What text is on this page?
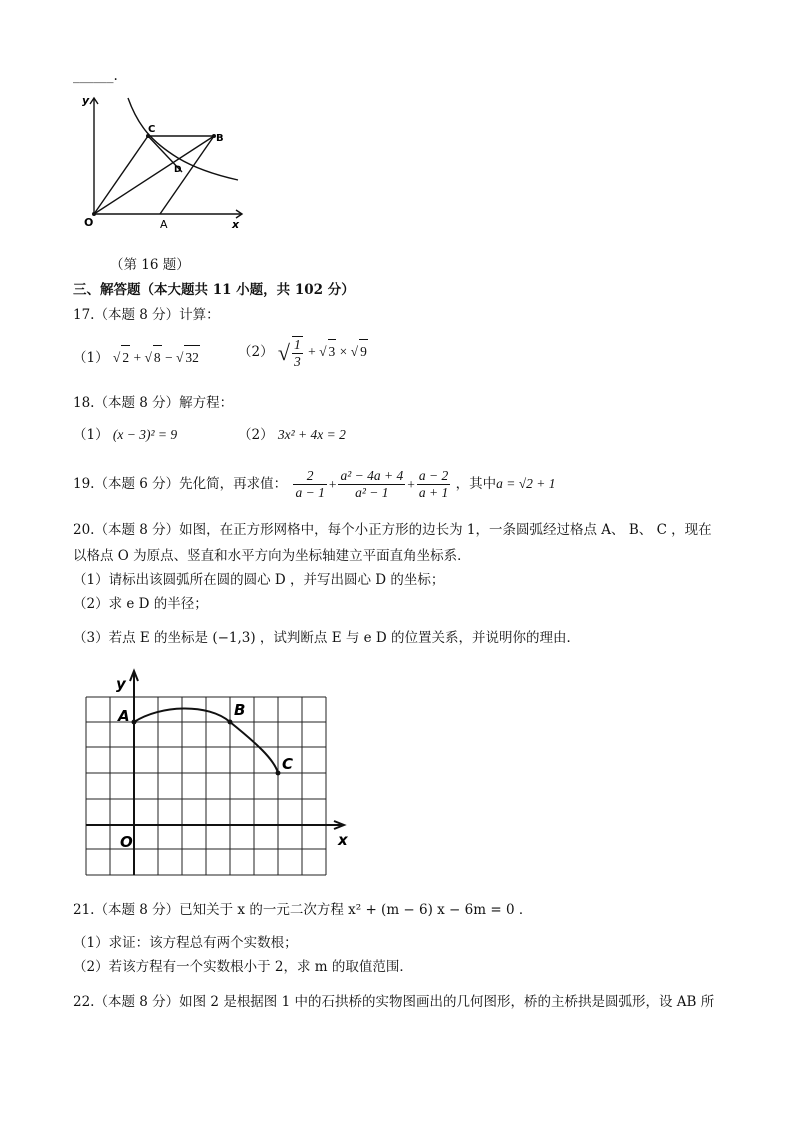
______.
y
x
O	A
B
C
D
（第 16 题）
三、解答题（本大题共 11 小题，共 102 分）
17.（本题 8 分）计算：
（1） √ 2 + √ 8 − √ 32	（2） √ $\frac{1}{3}$ + √ 3 × √ 9
18.（本题 8 分）解方程：
（1） (x − 3)² = 9	（2） 3x² + 4x = 2
19.（本题 6 分）先化简，再求值： $\frac{2}{a - 1} + \frac{\text{a² − 4a + 4}}{\text{a² − 1}} + \frac{a - 2}{a + 1}$ ，其中a = √2 + 1
20.（本题 8 分）如图，在正方形网格中，每个小正方形的边长为 1，一条圆弧经过格点 A、 B、 C ，现在
以格点 O 为原点、竖直和水平方向为坐标轴建立平面直角坐标系．
（1）请标出该圆弧所在圆的圆心 D ，并写出圆心 D 的坐标；
（2）求 e D 的半径；
（3）若点 E 的坐标是 (−1,3) ，试判断点 E 与 e D 的位置关系，并说明你的理由．
y
x
O
A	B
C
21.（本题 8 分）已知关于 x 的一元二次方程 x² + (m − 6) x − 6m = 0 ．
（1）求证：该方程总有两个实数根；
（2）若该方程有一个实数根小于 2，求 m 的取值范围．
22.（本题 8 分）如图 2 是根据图 1 中的石拱桥的实物图画出的几何图形，桥的主桥拱是圆弧形，设 AB 所
